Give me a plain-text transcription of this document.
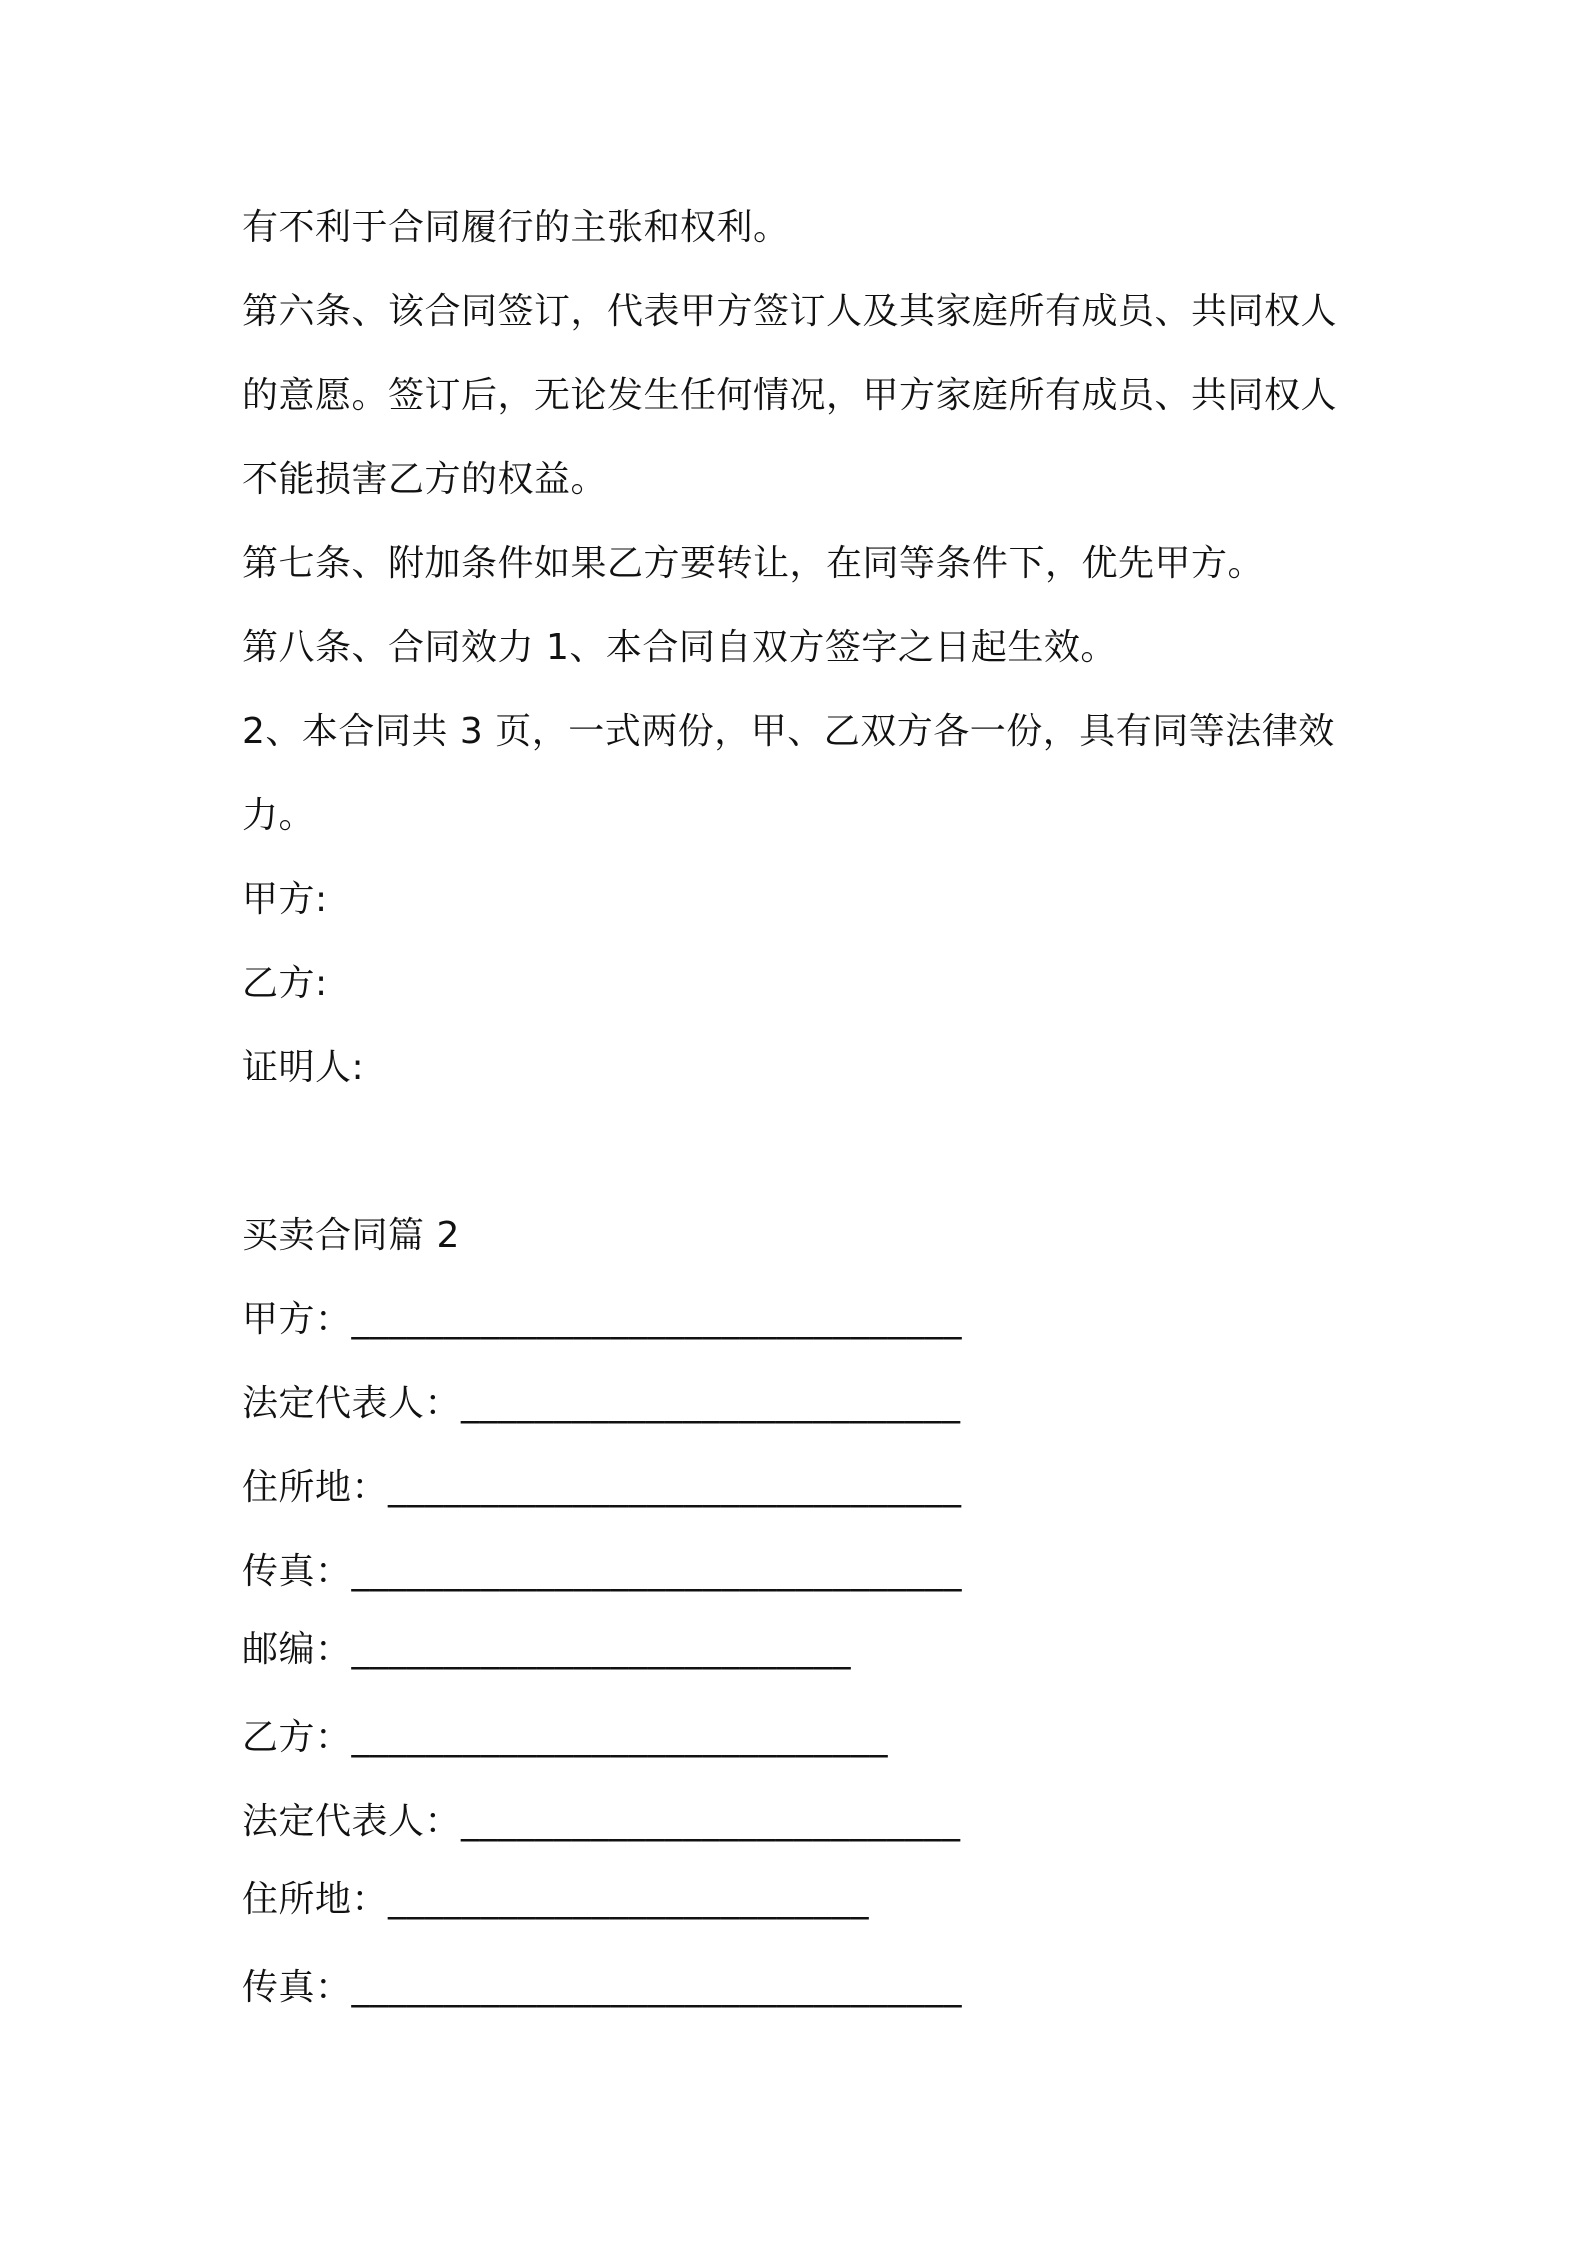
有不利于合同履行的主张和权利。

第六条、该合同签订，代表甲方签订人及其家庭所有成员、共同权人

的意愿。签订后，无论发生任何情况，甲方家庭所有成员、共同权人

不能损害乙方的权益。

第七条、附加条件如果乙方要转让，在同等条件下，优先甲方。

第八条、合同效力 1、本合同自双方签字之日起生效。

2、本合同共 3 页，一式两份，甲、乙双方各一份，具有同等法律效

力。

甲方:

乙方:

证明人:

买卖合同篇 2

甲方：_________________________________

法定代表人：___________________________

住所地：_______________________________

传真：_________________________________

邮编：___________________________

乙方：_____________________________

法定代表人：___________________________

住所地：__________________________

传真：_________________________________
